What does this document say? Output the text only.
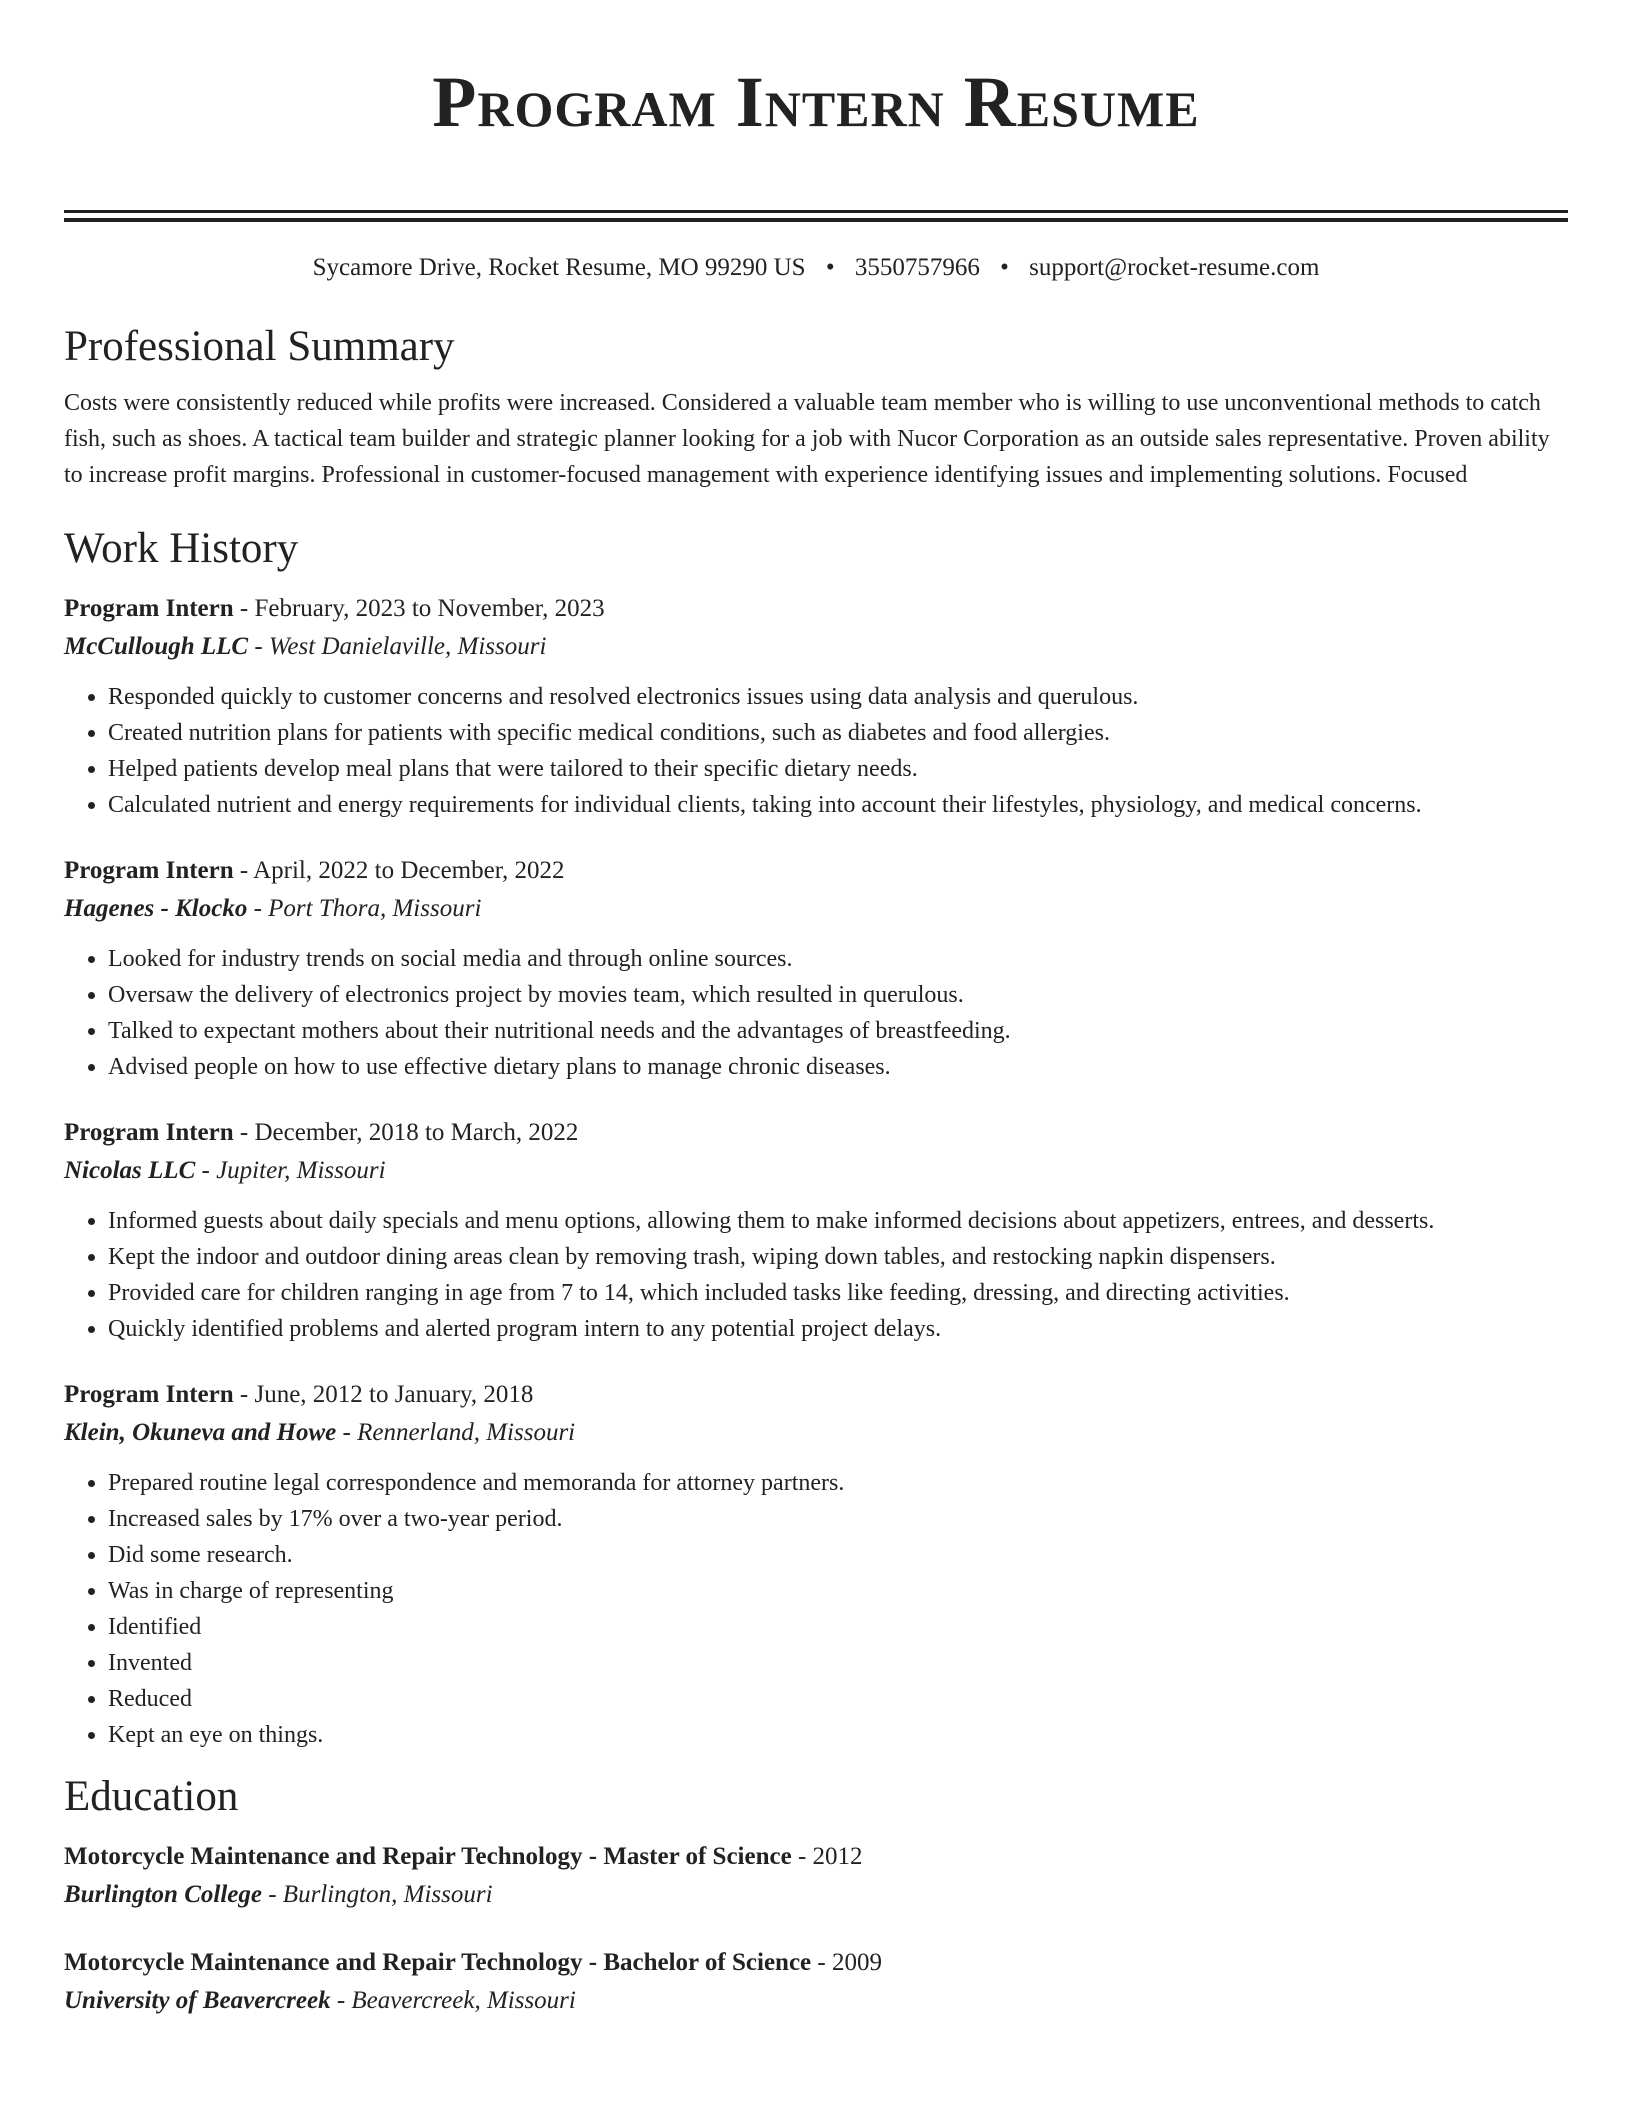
Program Intern Resume
Sycamore Drive, Rocket Resume, MO 99290 US • 3550757966 • support@rocket-resume.com
Professional Summary
Costs were consistently reduced while profits were increased. Considered a valuable team member who is willing to use unconventional methods to catch fish, such as shoes. A tactical team builder and strategic planner looking for a job with Nucor Corporation as an outside sales representative. Proven ability to increase profit margins. Professional in customer-focused management with experience identifying issues and implementing solutions. Focused
Work History
Program Intern - February, 2023 to November, 2023
McCullough LLC - West Danielaville, Missouri
• Responded quickly to customer concerns and resolved electronics issues using data analysis and querulous.
• Created nutrition plans for patients with specific medical conditions, such as diabetes and food allergies.
• Helped patients develop meal plans that were tailored to their specific dietary needs.
• Calculated nutrient and energy requirements for individual clients, taking into account their lifestyles, physiology, and medical concerns.
Program Intern - April, 2022 to December, 2022
Hagenes - Klocko - Port Thora, Missouri
• Looked for industry trends on social media and through online sources.
• Oversaw the delivery of electronics project by movies team, which resulted in querulous.
• Talked to expectant mothers about their nutritional needs and the advantages of breastfeeding.
• Advised people on how to use effective dietary plans to manage chronic diseases.
Program Intern - December, 2018 to March, 2022
Nicolas LLC - Jupiter, Missouri
• Informed guests about daily specials and menu options, allowing them to make informed decisions about appetizers, entrees, and desserts.
• Kept the indoor and outdoor dining areas clean by removing trash, wiping down tables, and restocking napkin dispensers.
• Provided care for children ranging in age from 7 to 14, which included tasks like feeding, dressing, and directing activities.
• Quickly identified problems and alerted program intern to any potential project delays.
Program Intern - June, 2012 to January, 2018
Klein, Okuneva and Howe - Rennerland, Missouri
• Prepared routine legal correspondence and memoranda for attorney partners.
• Increased sales by 17% over a two-year period.
• Did some research.
• Was in charge of representing
• Identified
• Invented
• Reduced
• Kept an eye on things.
Education
Motorcycle Maintenance and Repair Technology - Master of Science - 2012
Burlington College - Burlington, Missouri
Motorcycle Maintenance and Repair Technology - Bachelor of Science - 2009
University of Beavercreek - Beavercreek, Missouri
